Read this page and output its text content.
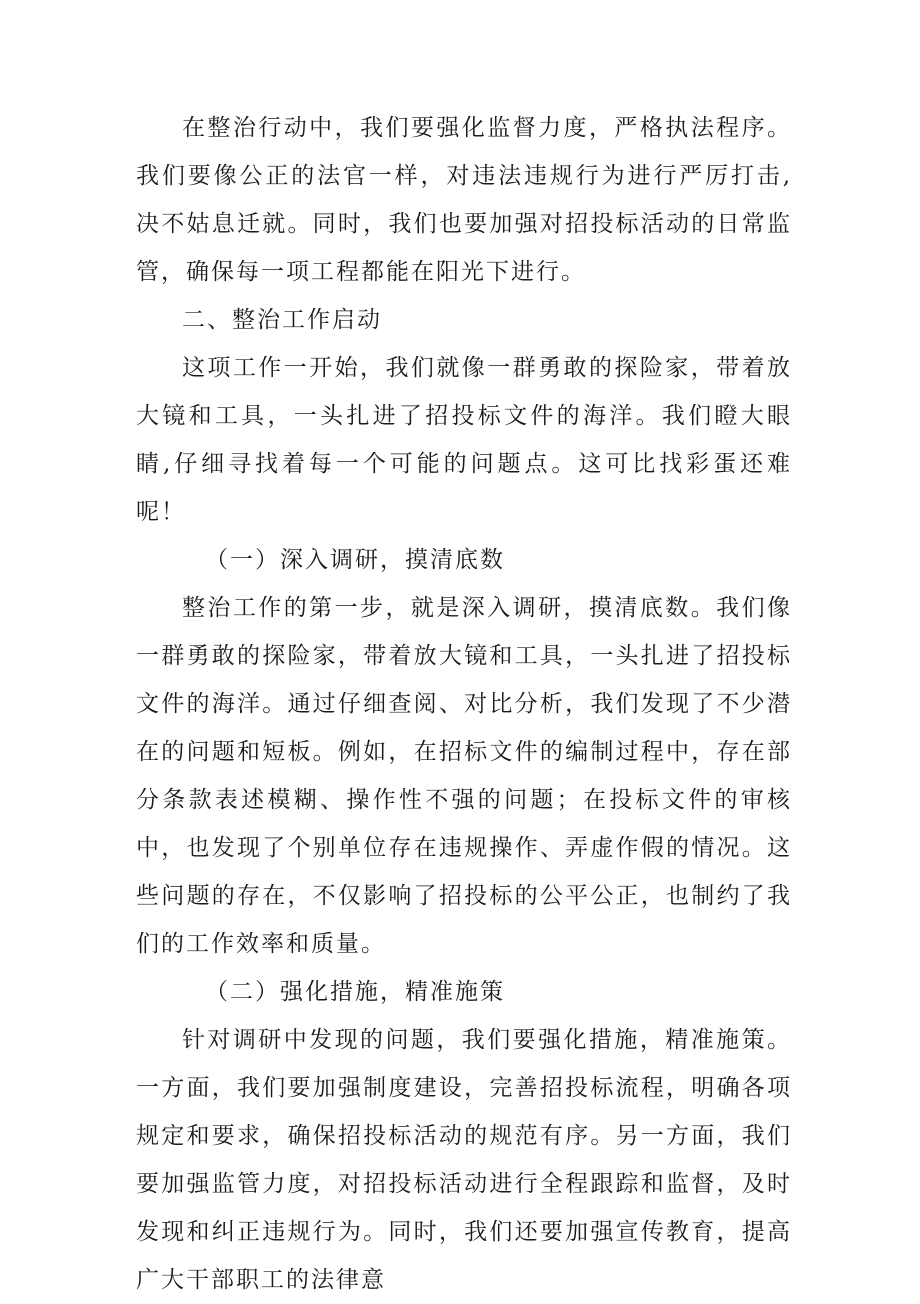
在整治行动中，我们要强化监督力度，严格执法程序。我们要像公正的法官一样，对违法违规行为进行严厉打击,决不姑息迁就。同时，我们也要加强对招投标活动的日常监管，确保每一项工程都能在阳光下进行。

二、整治工作启动

这项工作一开始，我们就像一群勇敢的探险家，带着放大镜和工具，一头扎进了招投标文件的海洋。我们瞪大眼睛,仔细寻找着每一个可能的问题点。这可比找彩蛋还难呢！

（一）深入调研，摸清底数

整治工作的第一步，就是深入调研，摸清底数。我们像一群勇敢的探险家，带着放大镜和工具，一头扎进了招投标文件的海洋。通过仔细查阅、对比分析，我们发现了不少潜在的问题和短板。例如，在招标文件的编制过程中，存在部分条款表述模糊、操作性不强的问题；在投标文件的审核中，也发现了个别单位存在违规操作、弄虚作假的情况。这些问题的存在，不仅影响了招投标的公平公正，也制约了我们的工作效率和质量。

（二）强化措施，精准施策

针对调研中发现的问题，我们要强化措施，精准施策。一方面，我们要加强制度建设，完善招投标流程，明确各项规定和要求，确保招投标活动的规范有序。另一方面，我们要加强监管力度，对招投标活动进行全程跟踪和监督，及时发现和纠正违规行为。同时，我们还要加强宣传教育，提高广大干部职工的法律意
